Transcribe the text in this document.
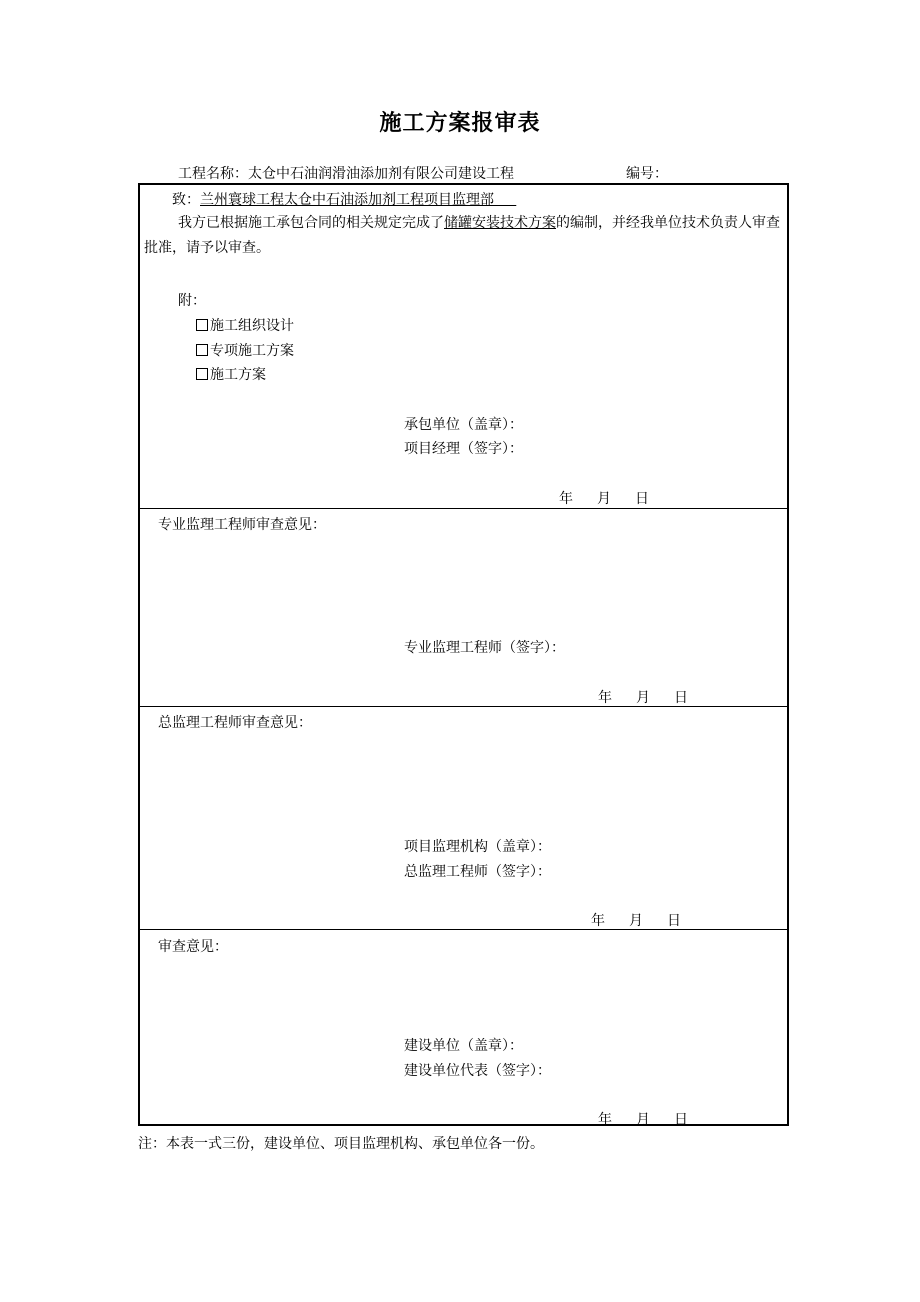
施工方案报审表
工程名称：太仓中石油润滑油添加剂有限公司建设工程	编号：
致：兰州寰球工程太仓中石油添加剂工程项目监理部
我方已根据施工承包合同的相关规定完成了储罐安装技术方案的编制，并经我单位技术负责人审查批准，请予以审查。
附：
施工组织设计
专项施工方案
施工方案
承包单位（盖章）：
项目经理（签字）：
年 月 日
专业监理工程师审查意见：
专业监理工程师（签字）：
年 月 日
总监理工程师审查意见：
项目监理机构（盖章）：
总监理工程师（签字）：
年 月 日
审查意见：
建设单位（盖章）：
建设单位代表（签字）：
年 月 日
注：本表一式三份，建设单位、项目监理机构、承包单位各一份。
